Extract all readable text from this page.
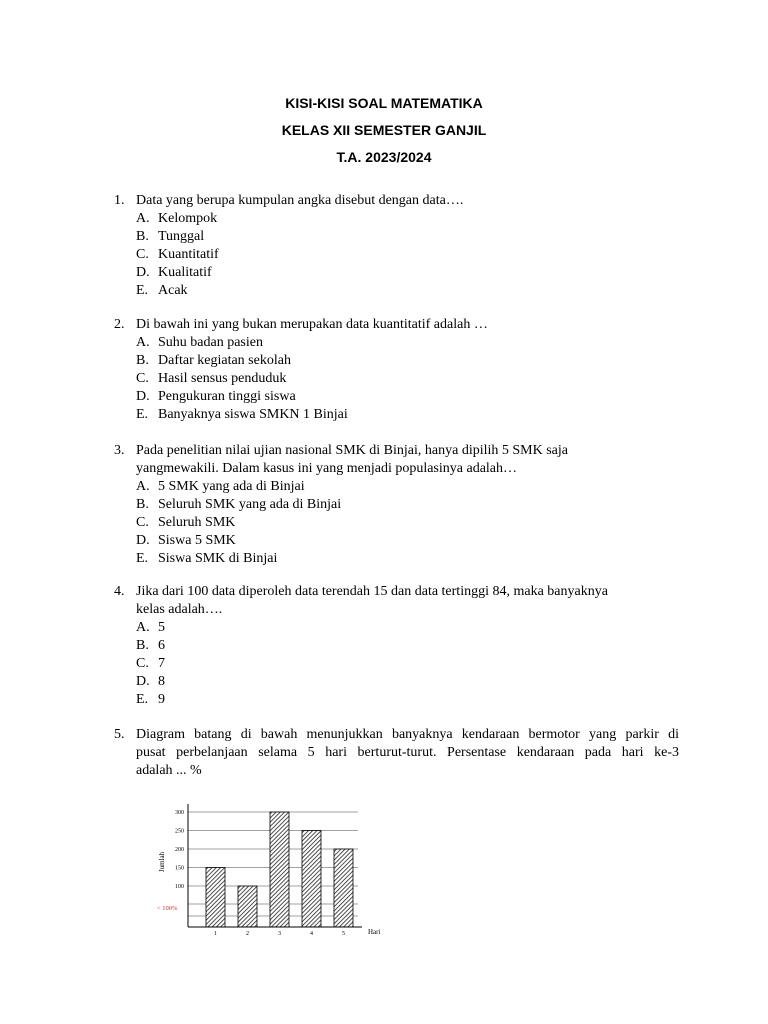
KISI-KISI SOAL MATEMATIKA
KELAS XII SEMESTER GANJIL
T.A. 2023/2024
1. Data yang berupa kumpulan angka disebut dengan data….
A. Kelompok
B. Tunggal
C. Kuantitatif
D. Kualitatif
E. Acak
2. Di bawah ini yang bukan merupakan data kuantitatif adalah …
A. Suhu badan pasien
B. Daftar kegiatan sekolah
C. Hasil sensus penduduk
D. Pengukuran tinggi siswa
E. Banyaknya siswa SMKN 1 Binjai
3. Pada penelitian nilai ujian nasional SMK di Binjai, hanya dipilih 5 SMK saja
yangmewakili. Dalam kasus ini yang menjadi populasinya adalah…
A. 5 SMK yang ada di Binjai
B. Seluruh SMK yang ada di Binjai
C. Seluruh SMK
D. Siswa 5 SMK
E. Siswa SMK di Binjai
4. Jika dari 100 data diperoleh data terendah 15 dan data tertinggi 84, maka banyaknya
kelas adalah….
A. 5
B. 6
C. 7
D. 8
E. 9
5. Diagram batang di bawah menunjukkan banyaknya kendaraan bermotor yang parkir di
pusat perbelanjaan selama 5 hari berturut-turut. Persentase kendaraan pada hari ke-3
adalah ... %
100
150
200
250
300
1	2	3	4	5
Jumlah
Hari
< 100%
